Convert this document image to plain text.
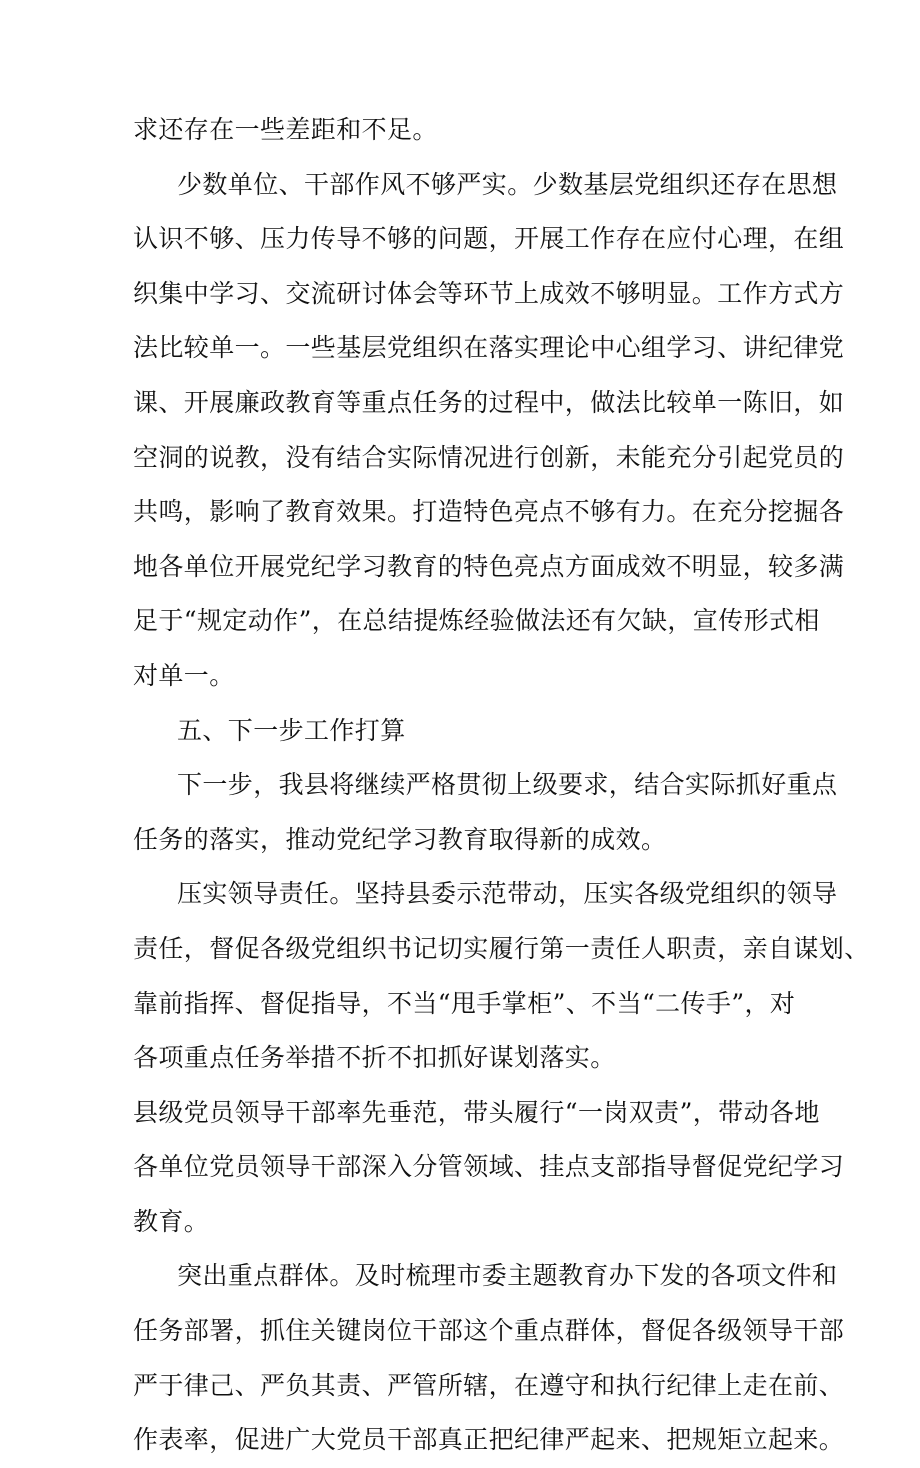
求还存在一些差距和不足。
少数单位、干部作风不够严实。少数基层党组织还存在思想
认识不够、压力传导不够的问题，开展工作存在应付心理，在组
织集中学习、交流研讨体会等环节上成效不够明显。工作方式方
法比较单一。一些基层党组织在落实理论中心组学习、讲纪律党
课、开展廉政教育等重点任务的过程中，做法比较单一陈旧，如
空洞的说教，没有结合实际情况进行创新，未能充分引起党员的
共鸣，影响了教育效果。打造特色亮点不够有力。在充分挖掘各
地各单位开展党纪学习教育的特色亮点方面成效不明显，较多满
足于“规定动作”，在总结提炼经验做法还有欠缺，宣传形式相
对单一。
五、下一步工作打算
下一步，我县将继续严格贯彻上级要求，结合实际抓好重点
任务的落实，推动党纪学习教育取得新的成效。
压实领导责任。坚持县委示范带动，压实各级党组织的领导
责任，督促各级党组织书记切实履行第一责任人职责，亲自谋划、
靠前指挥、督促指导，不当“甩手掌柜”、不当“二传手”，对
各项重点任务举措不折不扣抓好谋划落实。
县级党员领导干部率先垂范，带头履行“一岗双责”，带动各地
各单位党员领导干部深入分管领域、挂点支部指导督促党纪学习
教育。
突出重点群体。及时梳理市委主题教育办下发的各项文件和
任务部署，抓住关键岗位干部这个重点群体，督促各级领导干部
严于律己、严负其责、严管所辖，在遵守和执行纪律上走在前、
作表率，促进广大党员干部真正把纪律严起来、把规矩立起来。
